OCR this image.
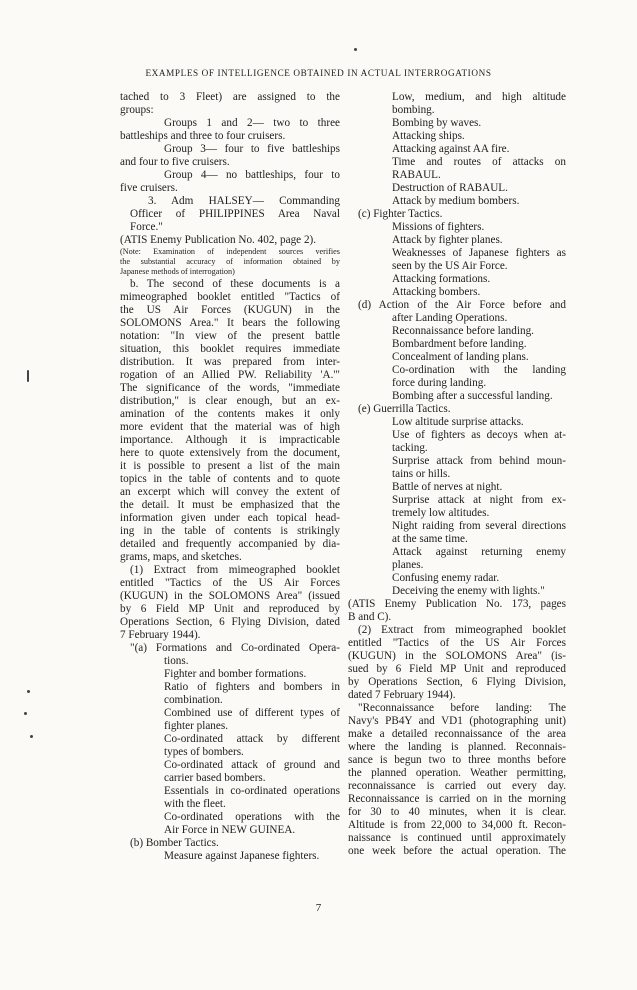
EXAMPLES OF INTELLIGENCE OBTAINED IN ACTUAL INTERROGATIONS
tached to 3 Fleet) are assigned to the
groups:
Groups 1 and 2— two to three
battleships and three to four cruisers.
Group 3— four to five battleships
and four to five cruisers.
Group 4— no battleships, four to
five cruisers.
3. Adm HALSEY— Commanding
Officer of PHILIPPINES Area Naval
Force."
(ATIS Enemy Publication No. 402, page 2).
(Note: Examination of independent sources verifies
the substantial accuracy of information obtained by
Japanese methods of interrogation)
b. The second of these documents is a
mimeographed booklet entitled "Tactics of
the US Air Forces (KUGUN) in the
SOLOMONS Area." It bears the following
notation: "In view of the present battle
situation, this booklet requires immediate
distribution. It was prepared from inter-
rogation of an Allied PW. Reliability 'A.'"
The significance of the words, "immediate
distribution," is clear enough, but an ex-
amination of the contents makes it only
more evident that the material was of high
importance. Although it is impracticable
here to quote extensively from the document,
it is possible to present a list of the main
topics in the table of contents and to quote
an excerpt which will convey the extent of
the detail. It must be emphasized that the
information given under each topical head-
ing in the table of contents is strikingly
detailed and frequently accompanied by dia-
grams, maps, and sketches.
(1) Extract from mimeographed booklet
entitled "Tactics of the US Air Forces
(KUGUN) in the SOLOMONS Area" (issued
by 6 Field MP Unit and reproduced by
Operations Section, 6 Flying Division, dated
7 February 1944).
"(a) Formations and Co-ordinated Opera-
tions.
Fighter and bomber formations.
Ratio of fighters and bombers in
combination.
Combined use of different types of
fighter planes.
Co-ordinated attack by different
types of bombers.
Co-ordinated attack of ground and
carrier based bombers.
Essentials in co-ordinated operations
with the fleet.
Co-ordinated operations with the
Air Force in NEW GUINEA.
(b) Bomber Tactics.
Measure against Japanese fighters.
Low, medium, and high altitude
bombing.
Bombing by waves.
Attacking ships.
Attacking against AA fire.
Time and routes of attacks on
RABAUL.
Destruction of RABAUL.
Attack by medium bombers.
(c) Fighter Tactics.
Missions of fighters.
Attack by fighter planes.
Weaknesses of Japanese fighters as
seen by the US Air Force.
Attacking formations.
Attacking bombers.
(d) Action of the Air Force before and
after Landing Operations.
Reconnaissance before landing.
Bombardment before landing.
Concealment of landing plans.
Co-ordination with the landing
force during landing.
Bombing after a successful landing.
(e) Guerrilla Tactics.
Low altitude surprise attacks.
Use of fighters as decoys when at-
tacking.
Surprise attack from behind moun-
tains or hills.
Battle of nerves at night.
Surprise attack at night from ex-
tremely low altitudes.
Night raiding from several directions
at the same time.
Attack against returning enemy
planes.
Confusing enemy radar.
Deceiving the enemy with lights."
(ATIS Enemy Publication No. 173, pages
B and C).
(2) Extract from mimeographed booklet
entitled "Tactics of the US Air Forces
(KUGUN) in the SOLOMONS Area" (is-
sued by 6 Field MP Unit and reproduced
by Operations Section, 6 Flying Division,
dated 7 February 1944).
"Reconnaissance before landing: The
Navy's PB4Y and VD1 (photographing unit)
make a detailed reconnaissance of the area
where the landing is planned. Reconnais-
sance is begun two to three months before
the planned operation. Weather permitting,
reconnaissance is carried out every day.
Reconnaissance is carried on in the morning
for 30 to 40 minutes, when it is clear.
Altitude is from 22,000 to 34,000 ft. Recon-
naissance is continued until approximately
one week before the actual operation. The
7
